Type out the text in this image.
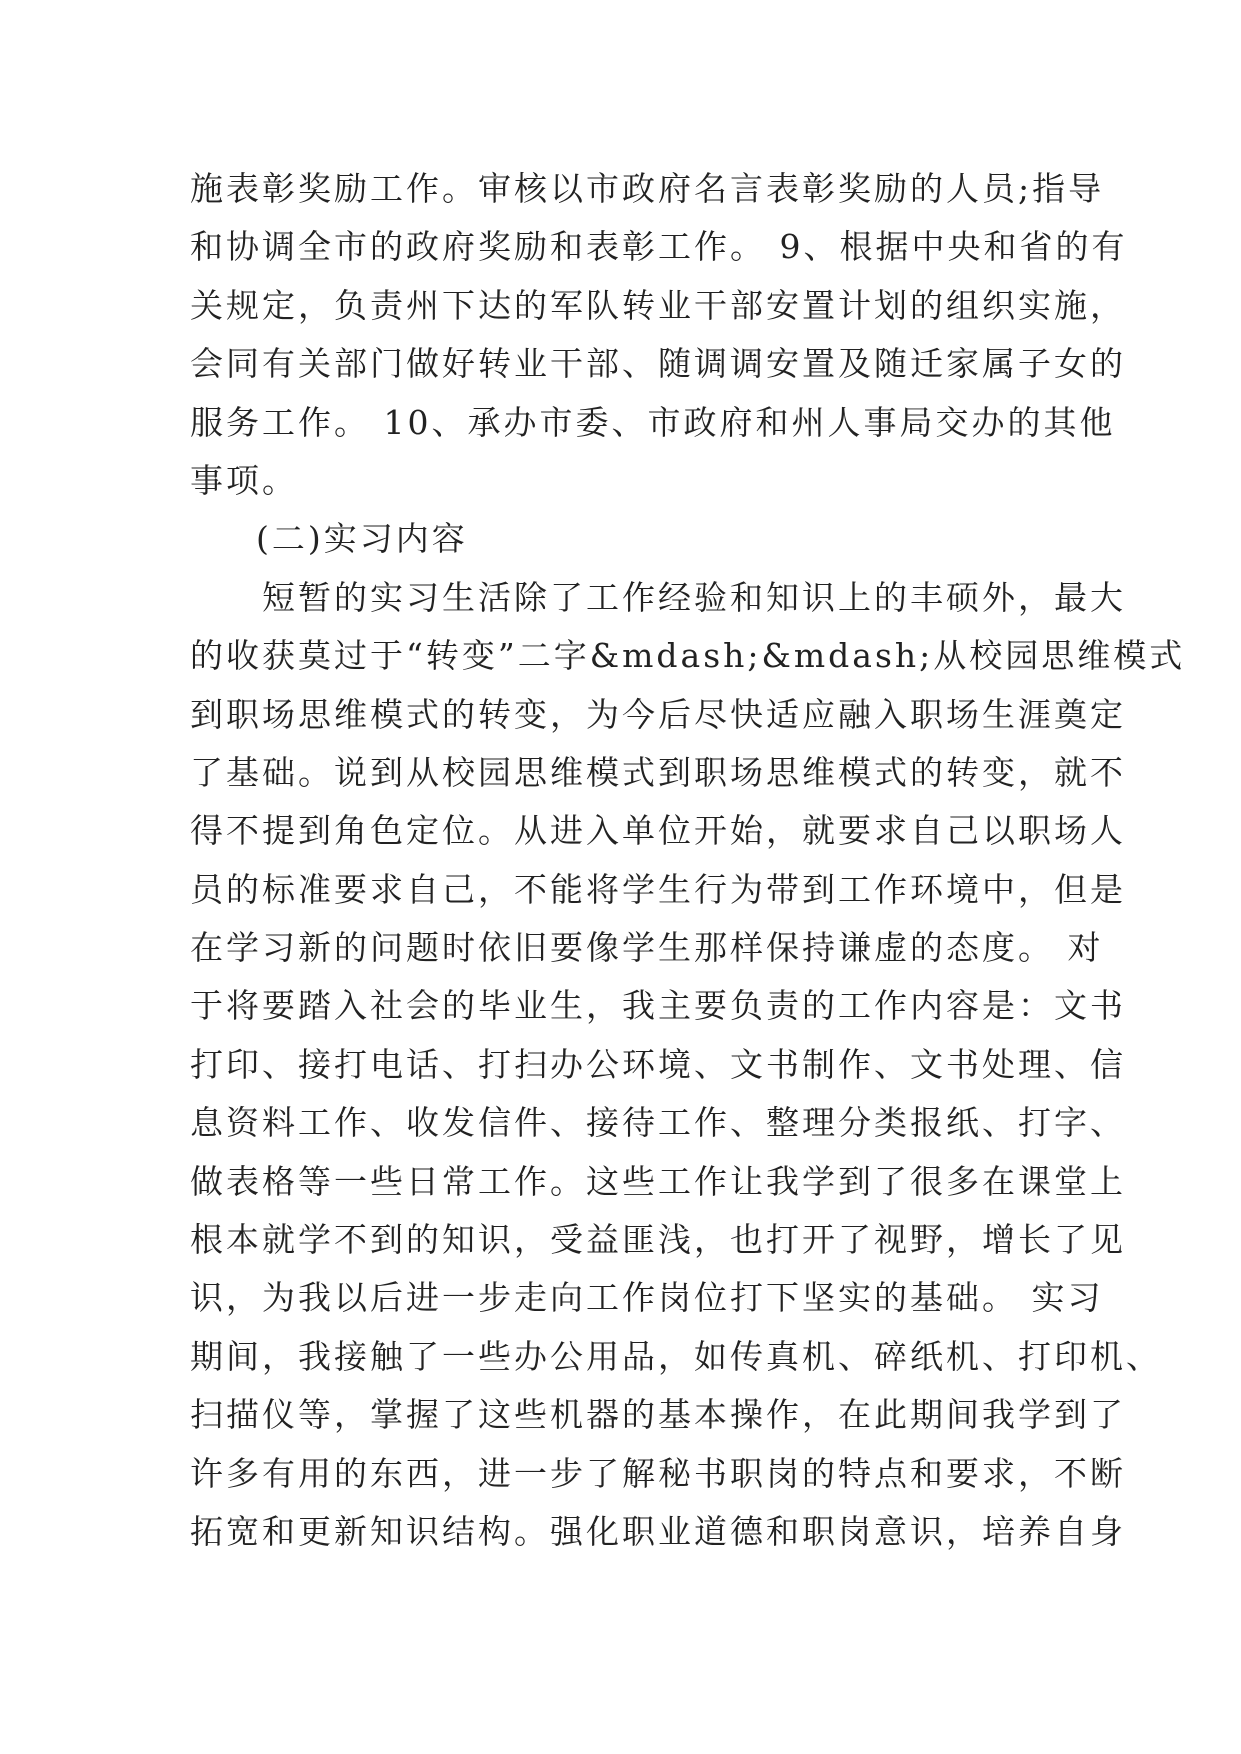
施表彰奖励工作。审核以市政府名言表彰奖励的人员;指导
和协调全市的政府奖励和表彰工作。 9、根据中央和省的有
关规定，负责州下达的军队转业干部安置计划的组织实施，
会同有关部门做好转业干部、随调调安置及随迁家属子女的
服务工作。 10、承办市委、市政府和州人事局交办的其他
事项。
(二)实习内容
　　短暂的实习生活除了工作经验和知识上的丰硕外，最大
的收获莫过于“转变”二字&mdash;&mdash;从校园思维模式
到职场思维模式的转变，为今后尽快适应融入职场生涯奠定
了基础。说到从校园思维模式到职场思维模式的转变，就不
得不提到角色定位。从进入单位开始，就要求自己以职场人
员的标准要求自己，不能将学生行为带到工作环境中，但是
在学习新的问题时依旧要像学生那样保持谦虚的态度。 对
于将要踏入社会的毕业生，我主要负责的工作内容是：文书
打印、接打电话、打扫办公环境、文书制作、文书处理、信
息资料工作、收发信件、接待工作、整理分类报纸、打字、
做表格等一些日常工作。这些工作让我学到了很多在课堂上
根本就学不到的知识，受益匪浅，也打开了视野，增长了见
识，为我以后进一步走向工作岗位打下坚实的基础。 实习
期间，我接触了一些办公用品，如传真机、碎纸机、打印机、
扫描仪等，掌握了这些机器的基本操作，在此期间我学到了
许多有用的东西，进一步了解秘书职岗的特点和要求，不断
拓宽和更新知识结构。强化职业道德和职岗意识，培养自身
